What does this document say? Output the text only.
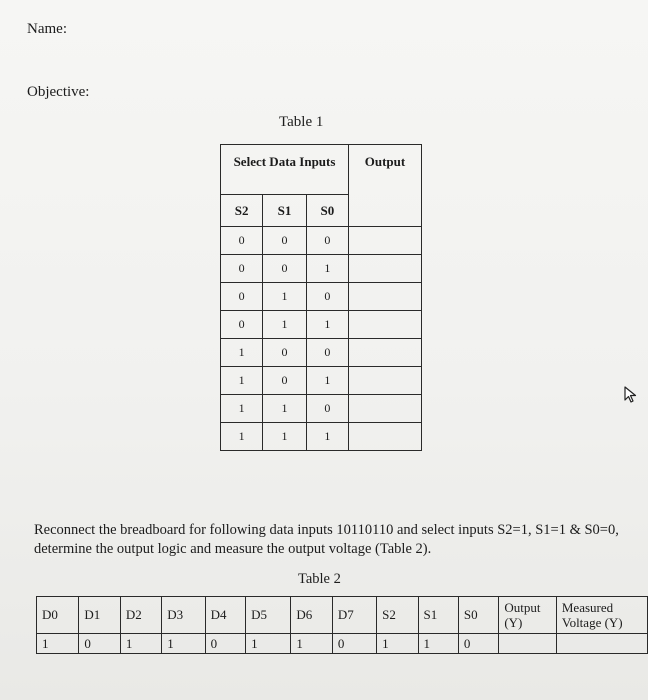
Name:
Objective:
Table 1
Select Data Inputs			Output
S2	S1	S0	
0	0	0	
0	0	1	
0	1	0	
0	1	1	
1	0	0	
1	0	1	
1	1	0	
1	1	1	
Reconnect the breadboard for following data inputs 10110110 and select inputs S2=1, S1=1 & S0=0, determine the output logic and measure the output voltage (Table 2).
Table 2
D0	D1	D2	D3	D4	D5	D6	D7	S2	S1	S0	Output (Y)	Measured Voltage (Y)
1	0	1	1	0	1	1	0	1	1	0		
